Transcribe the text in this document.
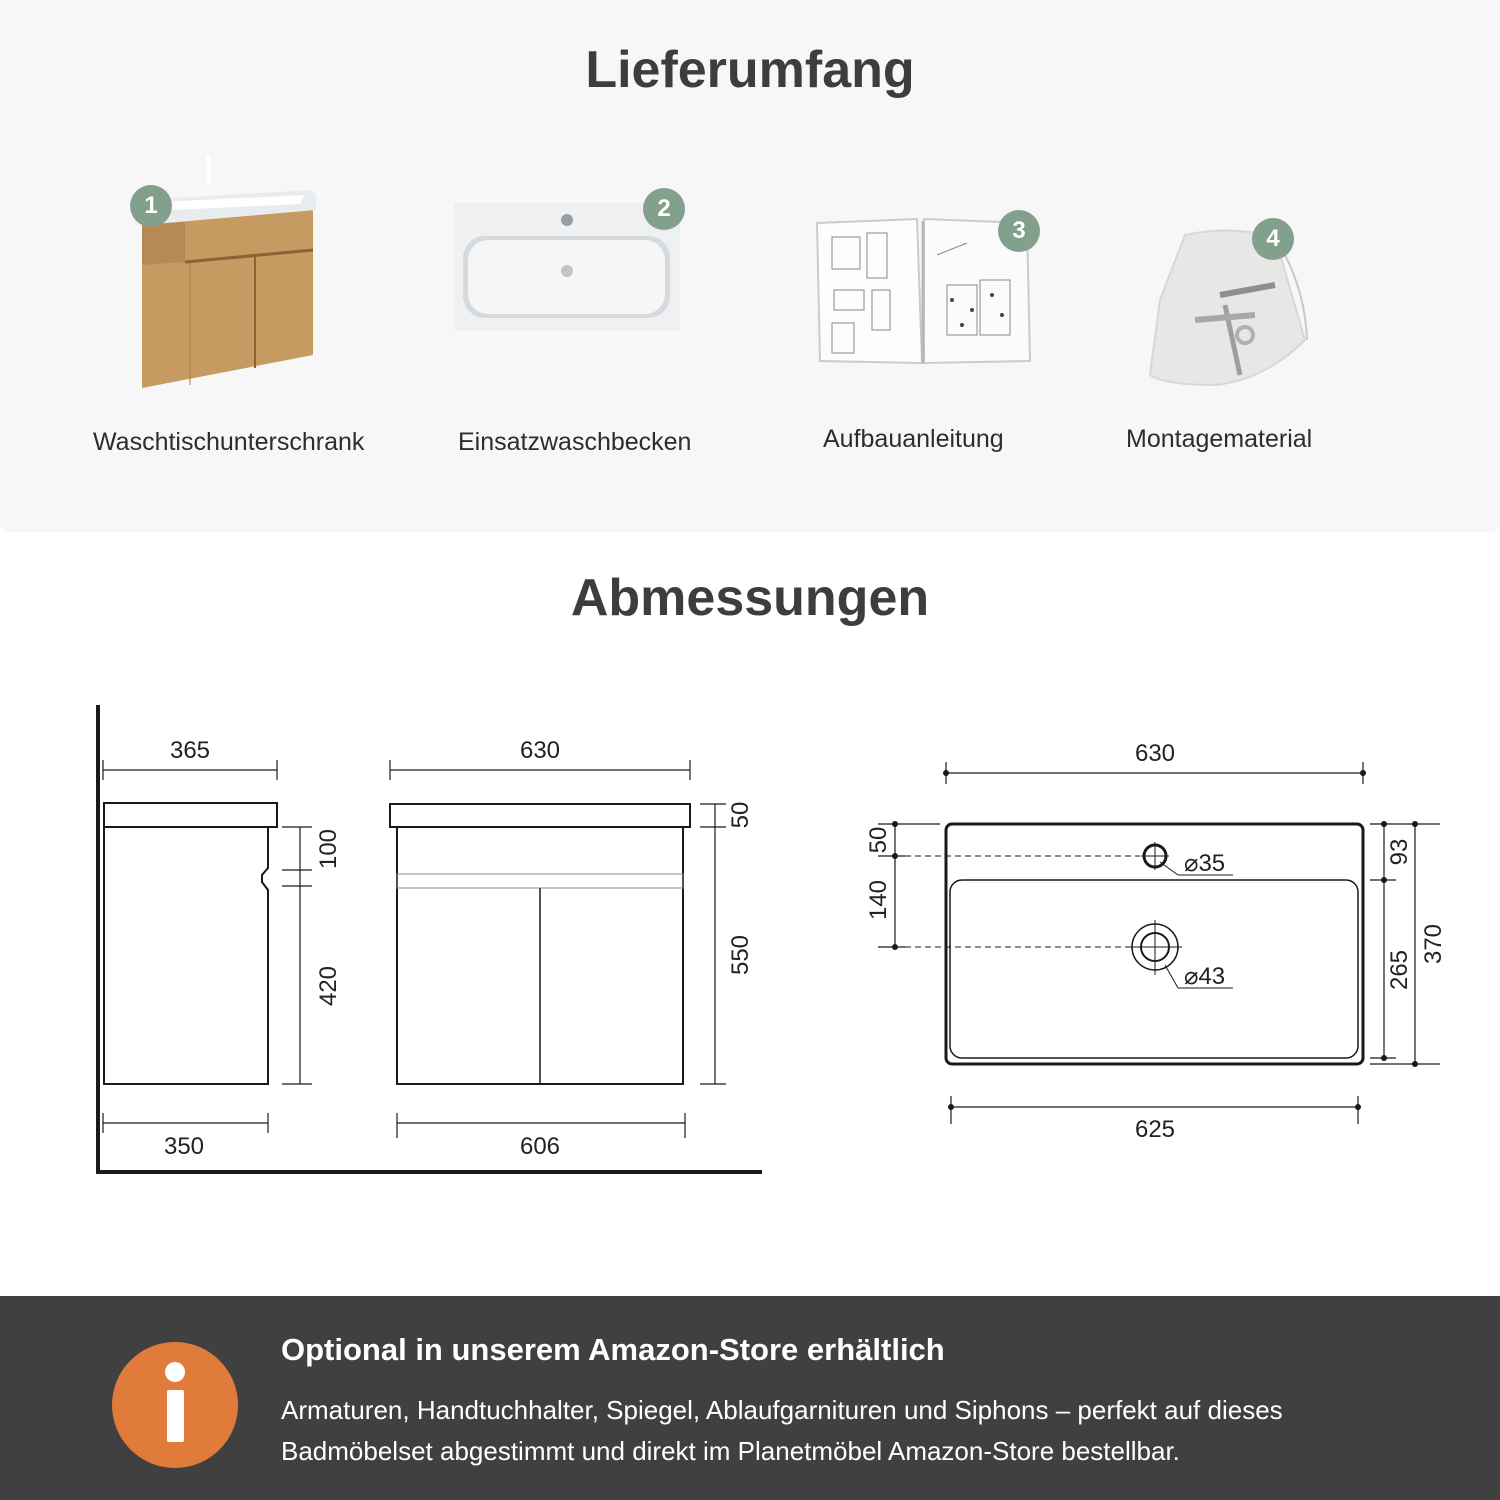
Lieferumfang
1
Waschtischunterschrank
2
Einsatzwaschbecken
3
Aufbauanleitung
4
Montagematerial
Abmessungen
365
350
100
420
630
606
50
550
630
625
⌀35
⌀43
50
140
93
265
370
Optional in unserem Amazon-Store erhältlich
Armaturen, Handtuchhalter, Spiegel, Ablaufgarnituren und Siphons – perfekt auf dieses Badmöbelset abgestimmt und direkt im Planetmöbel Amazon-Store bestellbar.
